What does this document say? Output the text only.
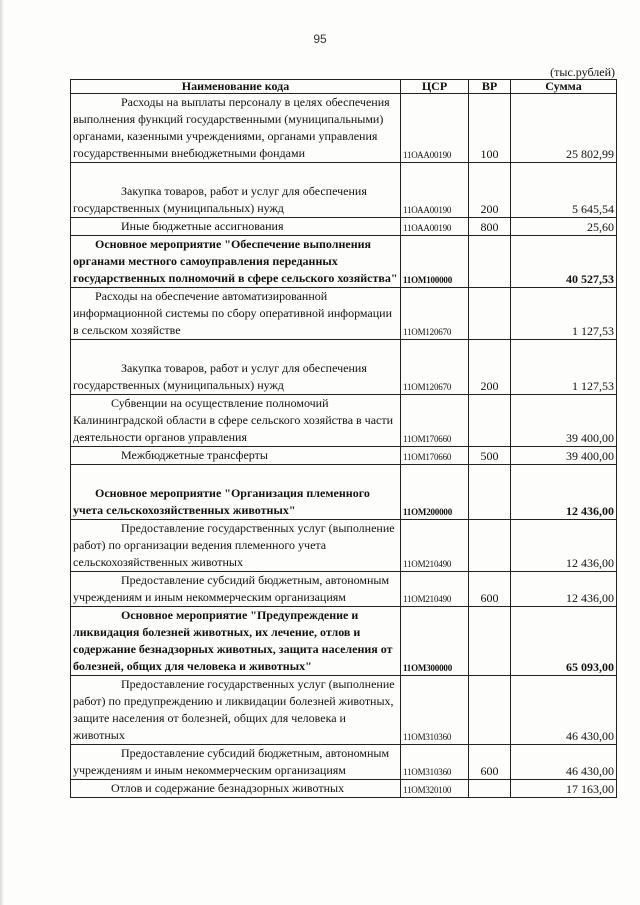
95
(тыс.рублей)
Наименование кода	ЦСР	ВР	Сумма
Расходы на выплаты персоналу в целях обеспечения выполнения функций государственными (муниципальными) органами, казенными учреждениями, органами управления государственными внебюджетными фондами	11ОАА00190	100	25 802,99
Закупка товаров, работ и услуг для обеспечения государственных (муниципальных) нужд	11ОАА00190	200	5 645,54
Иные бюджетные ассигнования	11ОАА00190	800	25,60
Основное мероприятие "Обеспечение выполнения органами местного самоуправления переданных государственных полномочий в сфере сельского хозяйства"	11ОМ100000		40 527,53
Расходы на обеспечение автоматизированной информационной системы по сбору оперативной информации в сельском хозяйстве	11ОМ120670		1 127,53
Закупка товаров, работ и услуг для обеспечения государственных (муниципальных) нужд	11ОМ120670	200	1 127,53
Субвенции на осуществление полномочий Калининградской области в сфере сельского хозяйства в части деятельности органов управления	11ОМ170660		39 400,00
Межбюджетные трансферты	11ОМ170660	500	39 400,00
Основное мероприятие "Организация племенного учета сельскохозяйственных животных"	11ОМ200000		12 436,00
Предоставление государственных услуг (выполнение работ) по организации ведения племенного учета сельскохозяйственных животных	11ОМ210490		12 436,00
Предоставление субсидий бюджетным, автономным учреждениям и иным некоммерческим организациям	11ОМ210490	600	12 436,00
Основное мероприятие "Предупреждение и ликвидация болезней животных, их лечение, отлов и содержание безнадзорных животных, защита населения от болезней, общих для человека и животных"	11ОМ300000		65 093,00
Предоставление государственных услуг (выполнение работ) по предупреждению и ликвидации болезней животных, защите населения от болезней, общих для человека и животных	11ОМ310360		46 430,00
Предоставление субсидий бюджетным, автономным учреждениям и иным некоммерческим организациям	11ОМ310360	600	46 430,00
Отлов и содержание безнадзорных животных	11ОМ320100		17 163,00
